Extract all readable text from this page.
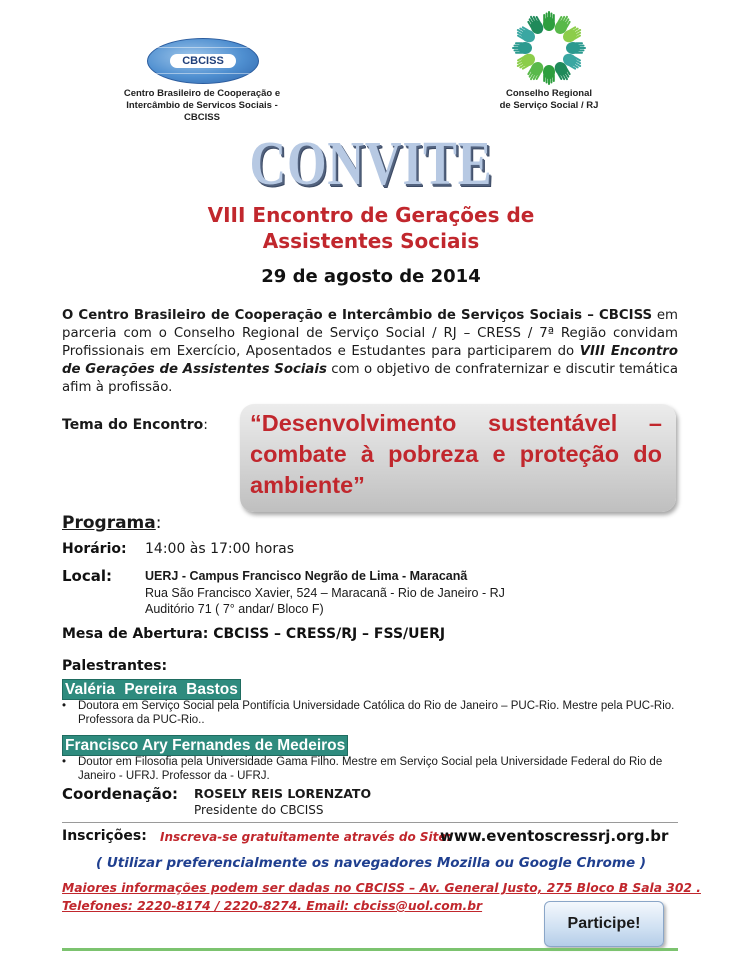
CBCISS
Centro Brasileiro de Cooperação e
Intercâmbio de Servicos Sociais - CBCISS
Conselho Regional
de Serviço Social / RJ
CONVITE
VIII Encontro de Gerações de
Assistentes Sociais
29 de agosto de 2014
O Centro Brasileiro de Cooperação e Intercâmbio de Serviços Sociais – CBCISS em parceria com o Conselho Regional de Serviço Social / RJ – CRESS / 7ª Região convidam Profissionais em Exercício, Aposentados e Estudantes para participarem do VIII Encontro de Gerações de Assistentes Sociais com o objetivo de confraternizar e discutir temática afim à profissão.
Tema do Encontro: “Desenvolvimento sustentável – combate à pobreza e proteção do ambiente”
Programa:
Horário: 14:00 às 17:00 horas
Local:	UERJ - Campus Francisco Negrão de Lima - Maracanã
Rua São Francisco Xavier, 524 – Maracanã - Rio de Janeiro - RJ
Auditório 71 ( 7° andar/ Bloco F)
Mesa de Abertura: CBCISS – CRESS/RJ – FSS/UERJ
Palestrantes:
Valéria Pereira Bastos
•	Doutora em Serviço Social pela Pontifícia Universidade Católica do Rio de Janeiro – PUC-Rio. Mestre pela PUC-Rio. Professora da PUC-Rio..
Francisco Ary Fernandes de Medeiros
•	Doutor em Filosofia pela Universidade Gama Filho. Mestre em Serviço Social pela Universidade Federal do Rio de Janeiro - UFRJ. Professor da - UFRJ.
Coordenação: ROSELY REIS LORENZATO
Presidente do CBCISS
Inscrições: Inscreva-se gratuitamente através do Site:
www.eventoscressrj.org.br
( Utilizar preferencialmente os navegadores Mozilla ou Google Chrome )
Maiores informações podem ser dadas no CBCISS – Av. General Justo, 275 Bloco B Sala 302 .
Telefones: 2220-8174 / 2220-8274. Email: cbciss@uol.com.br
Participe!
